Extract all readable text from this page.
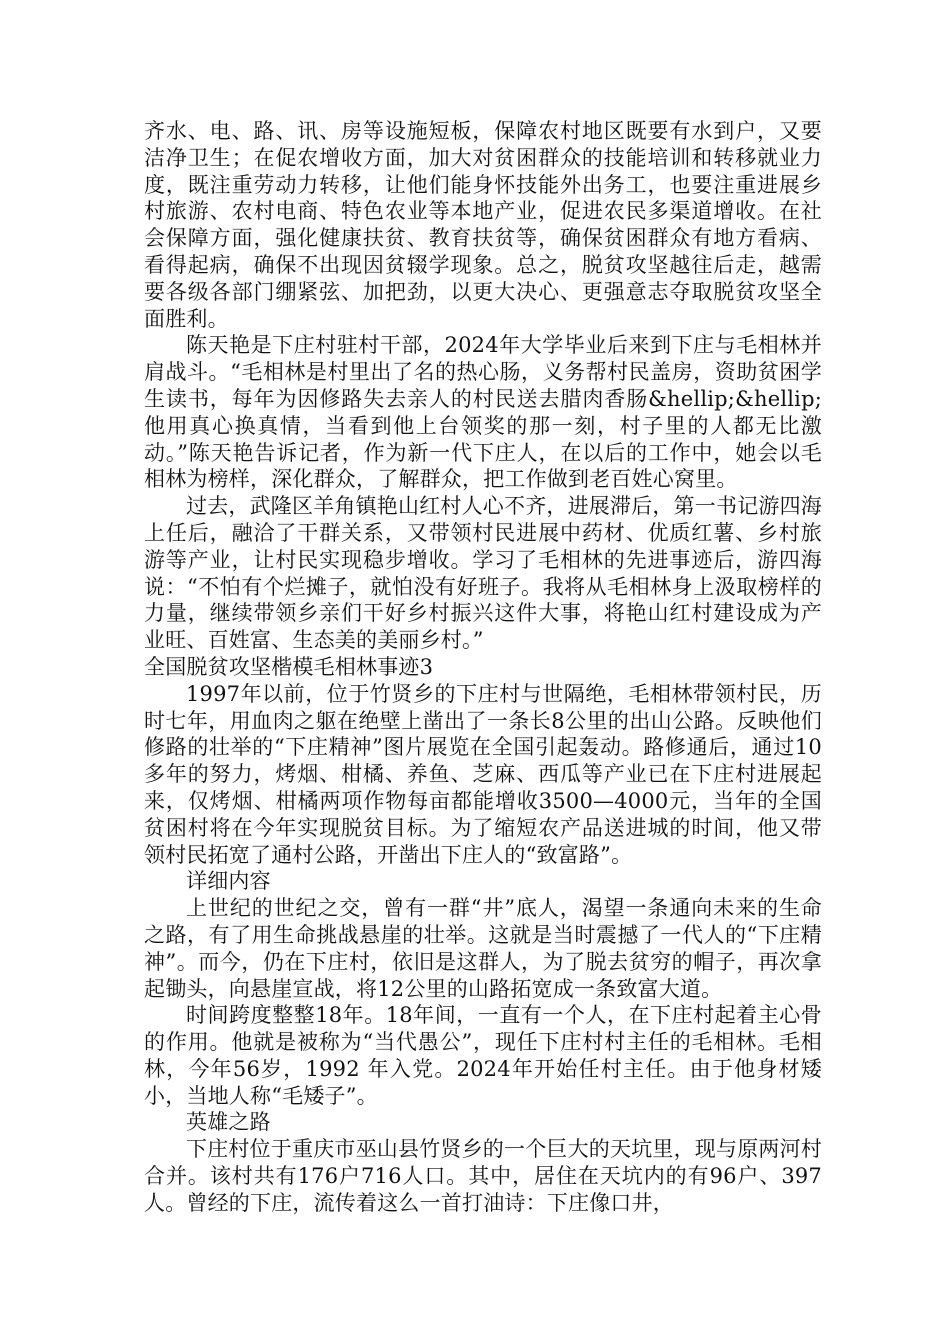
齐水、电、路、讯、房等设施短板，保障农村地区既要有水到户，又要洁净卫生；在促农增收方面，加大对贫困群众的技能培训和转移就业力度，既注重劳动力转移，让他们能身怀技能外出务工，也要注重进展乡村旅游、农村电商、特色农业等本地产业，促进农民多渠道增收。在社会保障方面，强化健康扶贫、教育扶贫等，确保贫困群众有地方看病、看得起病，确保不出现因贫辍学现象。总之，脱贫攻坚越往后走，越需要各级各部门绷紧弦、加把劲，以更大决心、更强意志夺取脱贫攻坚全面胜利。

陈天艳是下庄村驻村干部，2024年大学毕业后来到下庄与毛相林并肩战斗。“毛相林是村里出了名的热心肠，义务帮村民盖房，资助贫困学生读书，每年为因修路失去亲人的村民送去腊肉香肠&hellip;&hellip;他用真心换真情，当看到他上台领奖的那一刻，村子里的人都无比激动。”陈天艳告诉记者，作为新一代下庄人，在以后的工作中，她会以毛相林为榜样，深化群众，了解群众，把工作做到老百姓心窝里。

过去，武隆区羊角镇艳山红村人心不齐，进展滞后，第一书记游四海上任后，融洽了干群关系，又带领村民进展中药材、优质红薯、乡村旅游等产业，让村民实现稳步增收。学习了毛相林的先进事迹后，游四海说：“不怕有个烂摊子，就怕没有好班子。我将从毛相林身上汲取榜样的力量，继续带领乡亲们干好乡村振兴这件大事，将艳山红村建设成为产业旺、百姓富、生态美的美丽乡村。”

全国脱贫攻坚楷模毛相林事迹3

1997年以前，位于竹贤乡的下庄村与世隔绝，毛相林带领村民，历时七年，用血肉之躯在绝壁上凿出了一条长8公里的出山公路。反映他们修路的壮举的“下庄精神”图片展览在全国引起轰动。路修通后，通过10多年的努力，烤烟、柑橘、养鱼、芝麻、西瓜等产业已在下庄村进展起来，仅烤烟、柑橘两项作物每亩都能增收3500—4000元，当年的全国贫困村将在今年实现脱贫目标。为了缩短农产品送进城的时间，他又带领村民拓宽了通村公路，开凿出下庄人的“致富路”。

详细内容

上世纪的世纪之交，曾有一群“井”底人，渴望一条通向未来的生命之路，有了用生命挑战悬崖的壮举。这就是当时震撼了一代人的“下庄精神”。而今，仍在下庄村，依旧是这群人，为了脱去贫穷的帽子，再次拿起锄头，向悬崖宣战，将12公里的山路拓宽成一条致富大道。

时间跨度整整18年。18年间，一直有一个人，在下庄村起着主心骨的作用。他就是被称为“当代愚公”，现任下庄村村主任的毛相林。毛相林，今年56岁，1992 年入党。2024年开始任村主任。由于他身材矮小，当地人称“毛矮子”。

英雄之路

下庄村位于重庆市巫山县竹贤乡的一个巨大的天坑里，现与原两河村合并。该村共有176户716人口。其中，居住在天坑内的有96户、397人。曾经的下庄，流传着这么一首打油诗：下庄像口井，
